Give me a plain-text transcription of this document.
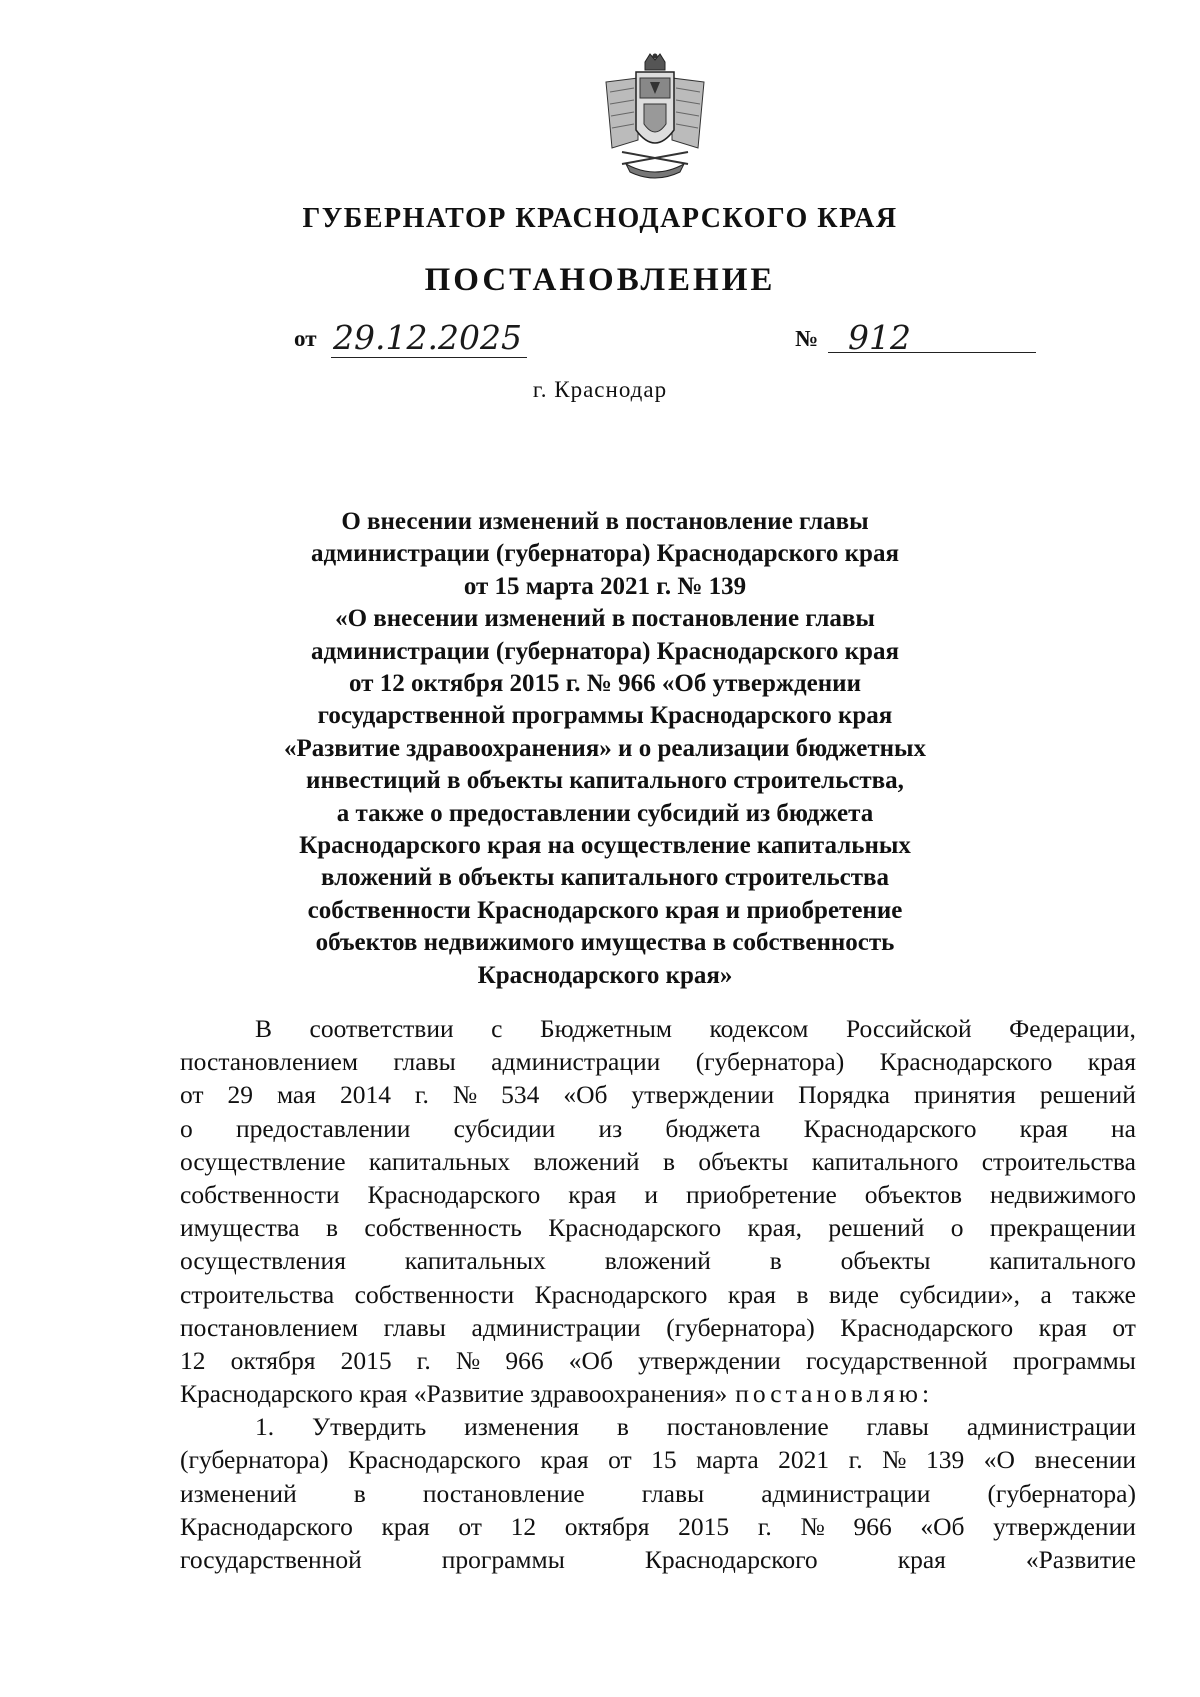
ГУБЕРНАТОР КРАСНОДАРСКОГО КРАЯ
ПОСТАНОВЛЕНИЕ
от 29.12.2025	№ 912
г. Краснодар
О внесении изменений в постановление главы
администрации (губернатора) Краснодарского края
от 15 марта 2021 г. № 139
«О внесении изменений в постановление главы
администрации (губернатора) Краснодарского края
от 12 октября 2015 г. № 966 «Об утверждении
государственной программы Краснодарского края
«Развитие здравоохранения» и о реализации бюджетных
инвестиций в объекты капитального строительства,
а также о предоставлении субсидий из бюджета
Краснодарского края на осуществление капитальных
вложений в объекты капитального строительства
собственности Краснодарского края и приобретение
объектов недвижимого имущества в собственность
Краснодарского края»
В соответствии с Бюджетным кодексом Российской Федерации,
постановлением главы администрации (губернатора) Краснодарского края
от 29 мая 2014 г. № 534 «Об утверждении Порядка принятия решений
о предоставлении субсидии из бюджета Краснодарского края на
осуществление капитальных вложений в объекты капитального строительства
собственности Краснодарского края и приобретение объектов недвижимого
имущества в собственность Краснодарского края, решений о прекращении
осуществления капитальных вложений в объекты капитального
строительства собственности Краснодарского края в виде субсидии», а также
постановлением главы администрации (губернатора) Краснодарского края от
12 октября 2015 г. № 966 «Об утверждении государственной программы
Краснодарского края «Развитие здравоохранения» постановляю:
1. Утвердить изменения в постановление главы администрации
(губернатора) Краснодарского края от 15 марта 2021 г. № 139 «О внесении
изменений в постановление главы администрации (губернатора)
Краснодарского края от 12 октября 2015 г. № 966 «Об утверждении
государственной	программы	Краснодарского	края	«Развитие
